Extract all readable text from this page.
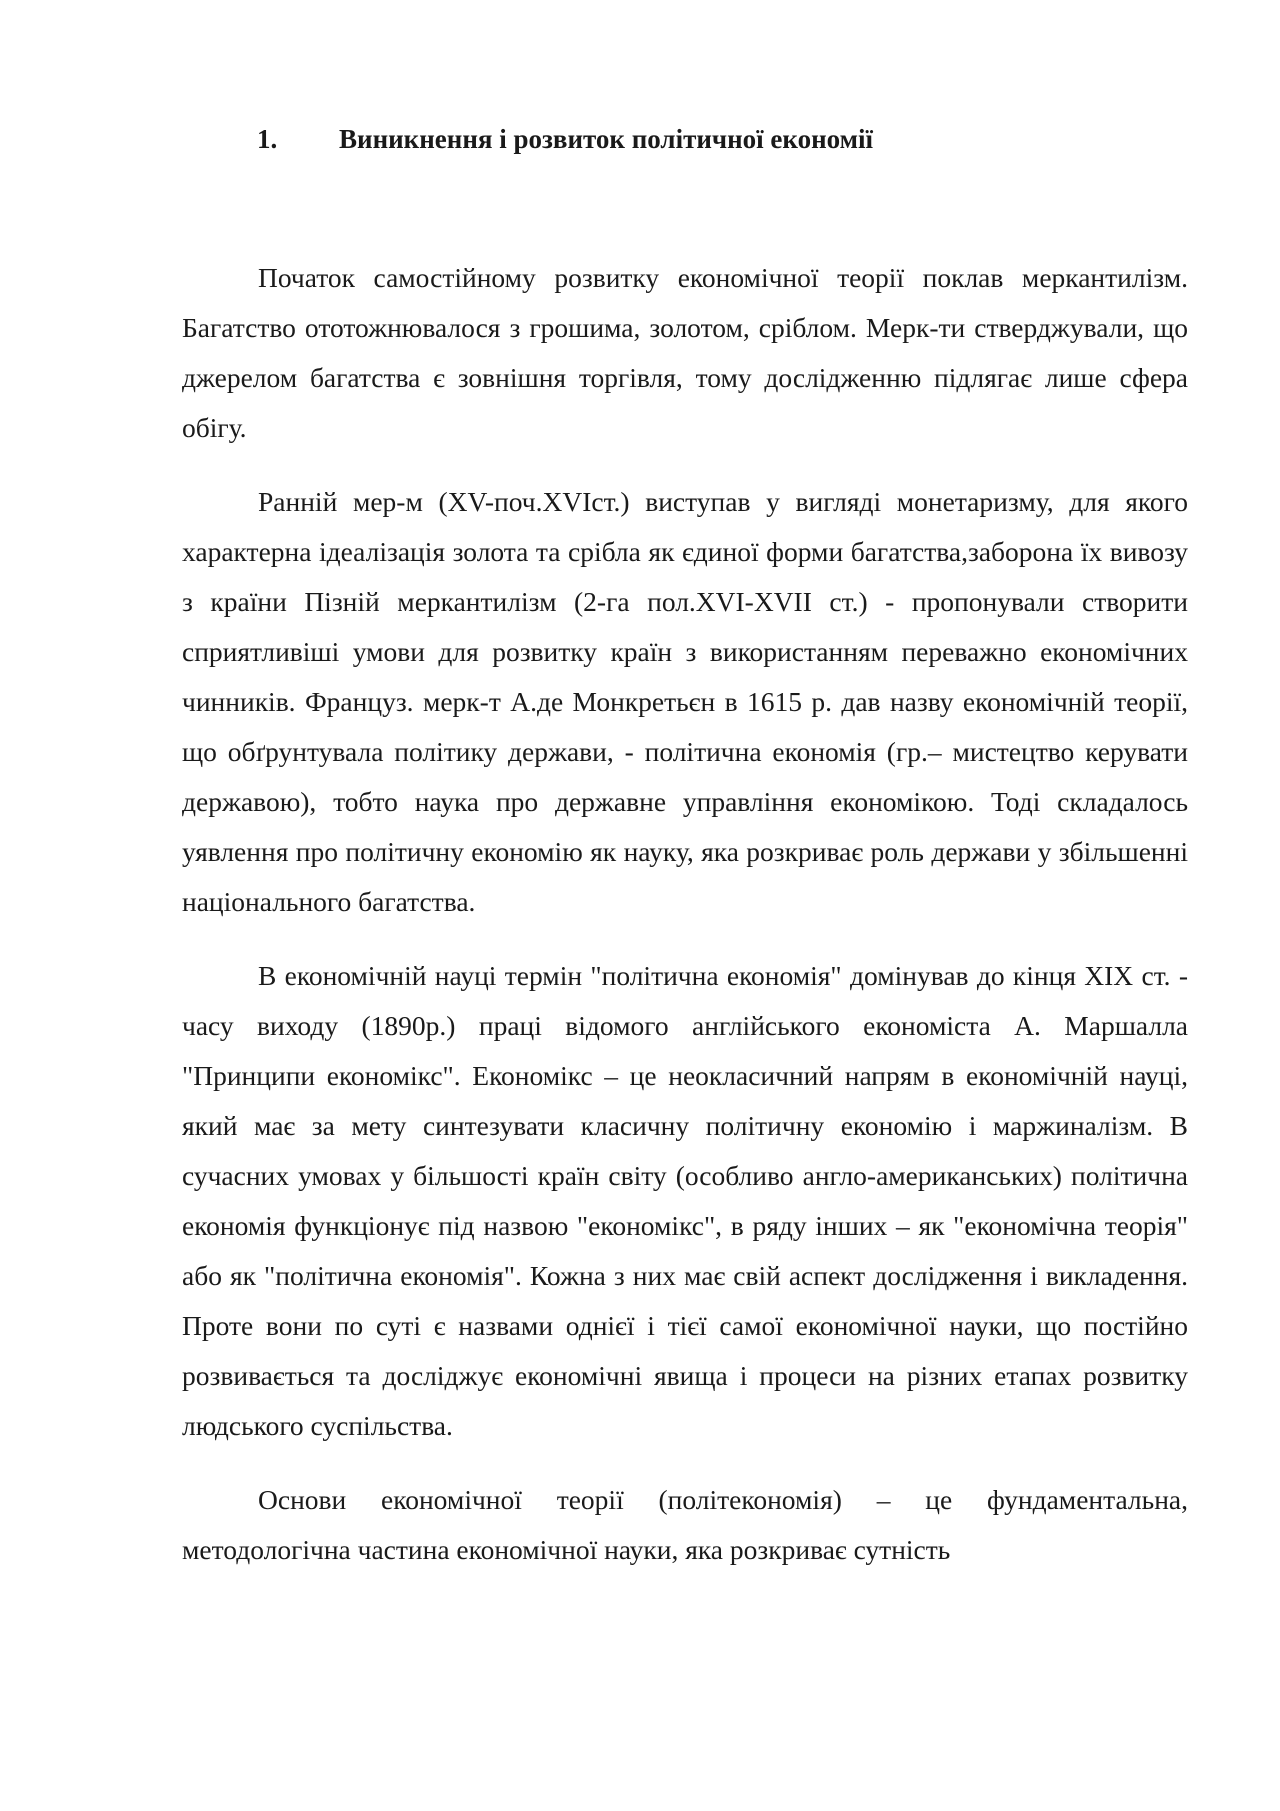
1. Виникнення і розвиток політичної економії

Початок самостійному розвитку економічної теорії поклав меркантилізм. Багатство ототожнювалося з грошима, золотом, сріблом. Мерк-ти стверджували, що джерелом багатства є зовнішня торгівля, тому дослідженню підлягає лише сфера обігу.

Ранній мер-м (XV-поч.XVIст.) виступав у вигляді монетаризму, для якого характерна ідеалізація золота та срібла як єдиної форми багатства,заборона їх вивозу з країни Пізній меркантилізм (2-га пол.XVI-XVII ст.) - пропонували створити сприятливіші умови для розвитку країн з використанням переважно економічних чинників. Француз. мерк-т А.де Монкретьєн в 1615 р. дав назву економічній теорії, що обґрунтувала політику держави, - політична економія (гр.– мистецтво керувати державою), тобто наука про державне управління економікою. Тоді складалось уявлення про політичну економію як науку, яка розкриває роль держави у збільшенні національного багатства.

В економічній науці термін "політична економія" домінував до кінця XIX ст. - часу виходу (1890р.) праці відомого англійського економіста А. Маршалла "Принципи економікс". Економікс – це неокласичний напрям в економічній науці, який має за мету синтезувати класичну політичну економію і маржиналізм. В сучасних умовах у більшості країн світу (особливо англо-американських) політична економія функціонує під назвою "економікс", в ряду інших – як "економічна теорія" або як "політична економія". Кожна з них має свій аспект дослідження і викладення. Проте вони по суті є назвами однієї і тієї самої економічної науки, що постійно розвивається та досліджує економічні явища і процеси на різних етапах розвитку людського суспільства.

Основи економічної теорії (політекономія) – це фундаментальна, методологічна частина економічної науки, яка розкриває сутність
